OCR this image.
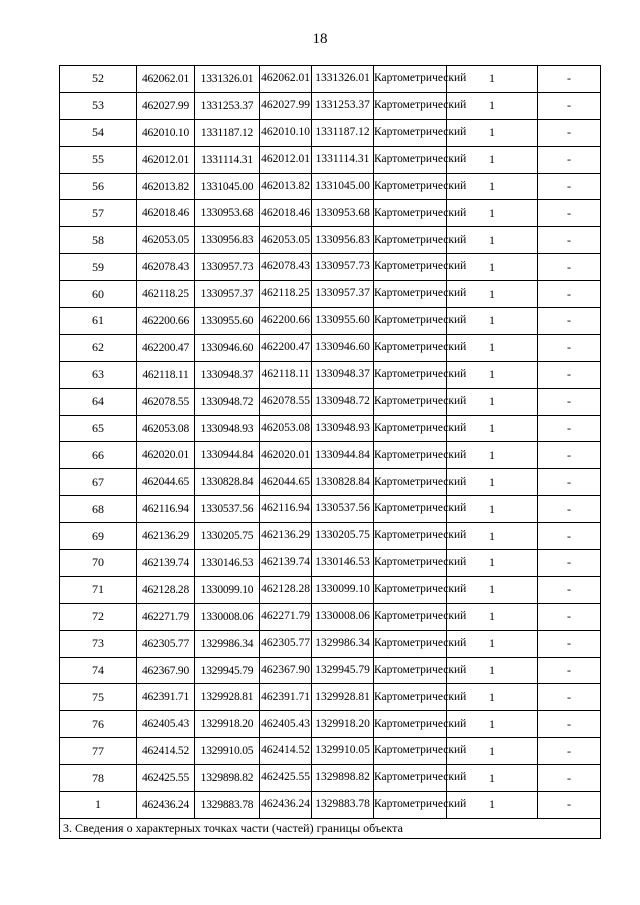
18
52	462062.01	1331326.01	462062.01	1331326.01	Картометрический	1	-
53	462027.99	1331253.37	462027.99	1331253.37	Картометрический	1	-
54	462010.10	1331187.12	462010.10	1331187.12	Картометрический	1	-
55	462012.01	1331114.31	462012.01	1331114.31	Картометрический	1	-
56	462013.82	1331045.00	462013.82	1331045.00	Картометрический	1	-
57	462018.46	1330953.68	462018.46	1330953.68	Картометрический	1	-
58	462053.05	1330956.83	462053.05	1330956.83	Картометрический	1	-
59	462078.43	1330957.73	462078.43	1330957.73	Картометрический	1	-
60	462118.25	1330957.37	462118.25	1330957.37	Картометрический	1	-
61	462200.66	1330955.60	462200.66	1330955.60	Картометрический	1	-
62	462200.47	1330946.60	462200.47	1330946.60	Картометрический	1	-
63	462118.11	1330948.37	462118.11	1330948.37	Картометрический	1	-
64	462078.55	1330948.72	462078.55	1330948.72	Картометрический	1	-
65	462053.08	1330948.93	462053.08	1330948.93	Картометрический	1	-
66	462020.01	1330944.84	462020.01	1330944.84	Картометрический	1	-
67	462044.65	1330828.84	462044.65	1330828.84	Картометрический	1	-
68	462116.94	1330537.56	462116.94	1330537.56	Картометрический	1	-
69	462136.29	1330205.75	462136.29	1330205.75	Картометрический	1	-
70	462139.74	1330146.53	462139.74	1330146.53	Картометрический	1	-
71	462128.28	1330099.10	462128.28	1330099.10	Картометрический	1	-
72	462271.79	1330008.06	462271.79	1330008.06	Картометрический	1	-
73	462305.77	1329986.34	462305.77	1329986.34	Картометрический	1	-
74	462367.90	1329945.79	462367.90	1329945.79	Картометрический	1	-
75	462391.71	1329928.81	462391.71	1329928.81	Картометрический	1	-
76	462405.43	1329918.20	462405.43	1329918.20	Картометрический	1	-
77	462414.52	1329910.05	462414.52	1329910.05	Картометрический	1	-
78	462425.55	1329898.82	462425.55	1329898.82	Картометрический	1	-
1	462436.24	1329883.78	462436.24	1329883.78	Картометрический	1	-
3. Сведения о характерных точках части (частей) границы объекта							
